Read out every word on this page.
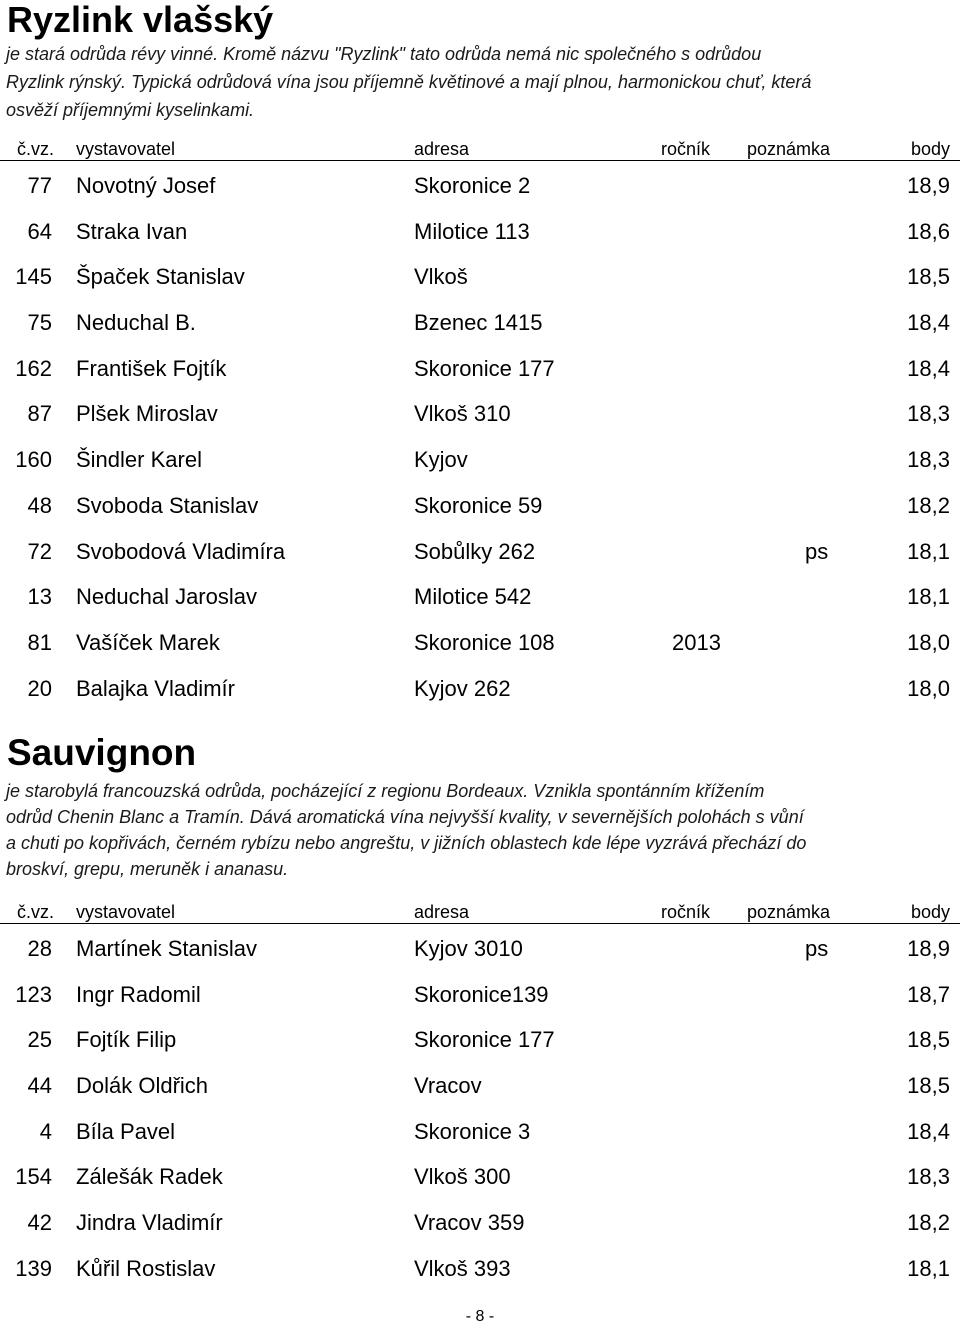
Ryzlink vlašský
je stará odrůda révy vinné. Kromě názvu "Ryzlink" tato odrůda nemá nic společného s odrůdou
Ryzlink rýnský. Typická odrůdová vína jsou příjemně květinové a mají plnou, harmonickou chuť, která
osvěží příjemnými kyselinkami.
č.vz. vystavovatel	adresa	ročník poznámka	body
77 Novotný Josef	Skoronice 2	18,9
64 Straka Ivan	Milotice 113	18,6
145 Špaček Stanislav	Vlkoš	18,5
75 Neduchal B.	Bzenec 1415	18,4
162 František Fojtík	Skoronice 177	18,4
87 Plšek Miroslav	Vlkoš 310	18,3
160 Šindler Karel	Kyjov	18,3
48 Svoboda Stanislav	Skoronice 59	18,2
72 Svobodová Vladimíra	Sobůlky 262	ps	18,1
13 Neduchal Jaroslav	Milotice 542	18,1
81 Vašíček Marek	Skoronice 108	2013	18,0
20 Balajka Vladimír	Kyjov 262	18,0
Sauvignon
je starobylá francouzská odrůda, pocházející z regionu Bordeaux. Vznikla spontánním křížením
odrůd Chenin Blanc a Tramín. Dává aromatická vína nejvyšší kvality, v severnějších polohách s vůní
a chuti po kopřivách, černém rybízu nebo angreštu, v jižních oblastech kde lépe vyzrává přechází do
broskví, grepu, meruněk i ananasu.
č.vz. vystavovatel	adresa	ročník poznámka	body
28 Martínek Stanislav	Kyjov 3010	ps	18,9
123 Ingr Radomil	Skoronice139	18,7
25 Fojtík Filip	Skoronice 177	18,5
44 Dolák Oldřich	Vracov	18,5
4 Bíla Pavel	Skoronice 3	18,4
154 Zálešák Radek	Vlkoš 300	18,3
42 Jindra Vladimír	Vracov 359	18,2
139 Kůřil Rostislav	Vlkoš 393	18,1
- 8 -
